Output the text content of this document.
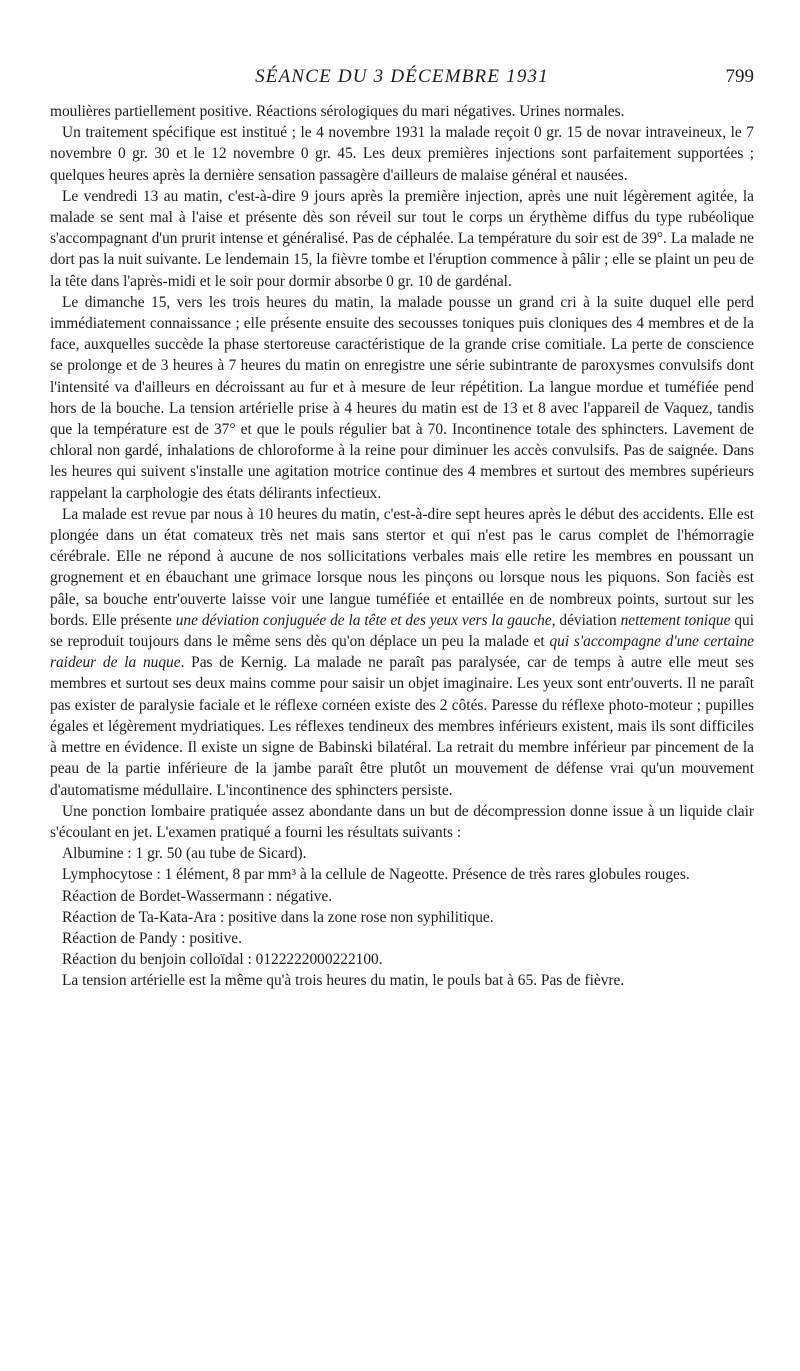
SÉANCE DU 3 DÉCEMBRE 1931	799

moulières partiellement positive. Réactions sérologiques du mari négatives. Urines normales.

Un traitement spécifique est institué ; le 4 novembre 1931 la malade reçoit 0 gr. 15 de novar intraveineux, le 7 novembre 0 gr. 30 et le 12 novembre 0 gr. 45. Les deux premières injections sont parfaitement supportées ; quelques heures après la dernière sensation passagère d'ailleurs de malaise général et nausées.

Le vendredi 13 au matin, c'est-à-dire 9 jours après la première injection, après une nuit légèrement agitée, la malade se sent mal à l'aise et présente dès son réveil sur tout le corps un érythème diffus du type rubéolique s'accompagnant d'un prurit intense et généralisé. Pas de céphalée. La température du soir est de 39°. La malade ne dort pas la nuit suivante. Le lendemain 15, la fièvre tombe et l'éruption commence à pâlir ; elle se plaint un peu de la tête dans l'après-midi et le soir pour dormir absorbe 0 gr. 10 de gardénal.

Le dimanche 15, vers les trois heures du matin, la malade pousse un grand cri à la suite duquel elle perd immédiatement connaissance ; elle présente ensuite des secousses toniques puis cloniques des 4 membres et de la face, auxquelles succède la phase stertoreuse caractéristique de la grande crise comitiale. La perte de conscience se prolonge et de 3 heures à 7 heures du matin on enregistre une série subintrante de paroxysmes convulsifs dont l'intensité va d'ailleurs en décroissant au fur et à mesure de leur répétition. La langue mordue et tuméfiée pend hors de la bouche. La tension artérielle prise à 4 heures du matin est de 13 et 8 avec l'appareil de Vaquez, tandis que la température est de 37° et que le pouls régulier bat à 70. Incontinence totale des sphincters. Lavement de chloral non gardé, inhalations de chloroforme à la reine pour diminuer les accès convulsifs. Pas de saignée. Dans les heures qui suivent s'installe une agitation motrice continue des 4 membres et surtout des membres supérieurs rappelant la carphologie des états délirants infectieux.

La malade est revue par nous à 10 heures du matin, c'est-à-dire sept heures après le début des accidents. Elle est plongée dans un état comateux très net mais sans stertor et qui n'est pas le carus complet de l'hémorragie cérébrale. Elle ne répond à aucune de nos sollicitations verbales mais elle retire les membres en poussant un grognement et en ébauchant une grimace lorsque nous les pinçons ou lorsque nous les piquons. Son faciès est pâle, sa bouche entr'ouverte laisse voir une langue tuméfiée et entaillée en de nombreux points, surtout sur les bords. Elle présente une déviation conjuguée de la tête et des yeux vers la gauche, déviation nettement tonique qui se reproduit toujours dans le même sens dès qu'on déplace un peu la malade et qui s'accompagne d'une certaine raideur de la nuque. Pas de Kernig. La malade ne paraît pas paralysée, car de temps à autre elle meut ses membres et surtout ses deux mains comme pour saisir un objet imaginaire. Les yeux sont entr'ouverts. Il ne paraît pas exister de paralysie faciale et le réflexe cornéen existe des 2 côtés. Paresse du réflexe photo-moteur ; pupilles égales et légèrement mydriatiques. Les réflexes tendineux des membres inférieurs existent, mais ils sont difficiles à mettre en évidence. Il existe un signe de Babinski bilatéral. La retrait du membre inférieur par pincement de la peau de la partie inférieure de la jambe paraît être plutôt un mouvement de défense vrai qu'un mouvement d'automatisme médullaire. L'incontinence des sphincters persiste.

Une ponction lombaire pratiquée assez abondante dans un but de décompression donne issue à un liquide clair s'écoulant en jet. L'examen pratiqué a fourni les résultats suivants :

Albumine : 1 gr. 50 (au tube de Sicard).

Lymphocytose : 1 élément, 8 par mm³ à la cellule de Nageotte. Présence de très rares globules rouges.

Réaction de Bordet-Wassermann : négative.

Réaction de Ta-Kata-Ara : positive dans la zone rose non syphilitique.

Réaction de Pandy : positive.

Réaction du benjoin colloïdal : 0122222000222100.

La tension artérielle est la même qu'à trois heures du matin, le pouls bat à 65. Pas de fièvre.
